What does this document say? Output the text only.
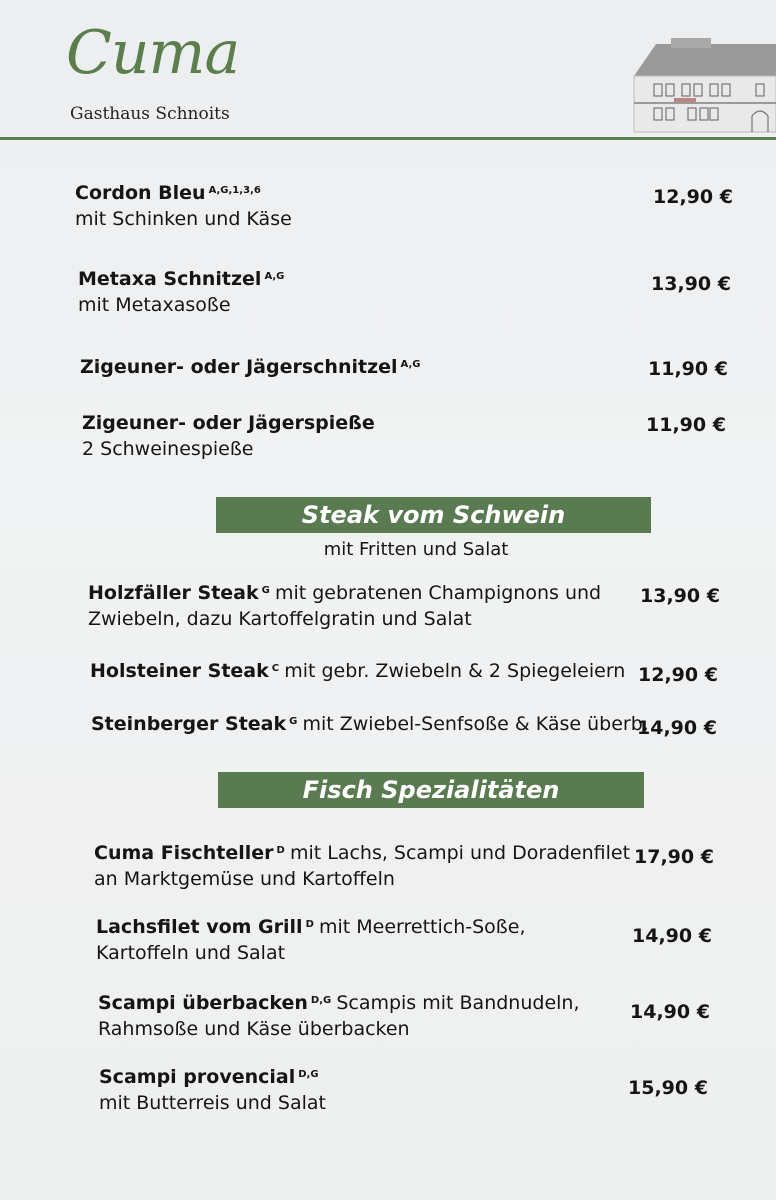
Cuma
Gasthaus Schnoits
Cordon Bleu $^{A,G,1,3,6}$
mit Schinken und Käse
12,90 €
Metaxa Schnitzel $^{A,G}$
mit Metaxasoße
13,90 €
Zigeuner- oder Jägerschnitzel $^{A,G}$	11,90 €
Zigeuner- oder Jägerspieße
2 Schweinespieße
11,90 €
Steak vom Schwein
mit Fritten und Salat
Holzfäller Steak $^G$ mit gebratenen Champignons und
Zwiebeln, dazu Kartoffelgratin und Salat
13,90 €
Holsteiner Steak $^C$ mit gebr. Zwiebeln & 2 Spiegeleiern 12,90 €
Steinberger Steak $^G$ mit Zwiebel-Senfsoße & Käse überb.
14,90 €
Fisch Spezialitäten
Cuma Fischteller $^D$ mit Lachs, Scampi und Doradenfilet
an Marktgemüse und Kartoffeln
17,90 €
Lachsfilet vom Grill $^D$ mit Meerrettich-Soße,
Kartoffeln und Salat
14,90 €
Scampi überbacken $^{D,G}$ Scampis mit Bandnudeln,
Rahmsoße und Käse überbacken
14,90 €
Scampi provencial $^{D,G}$
mit Butterreis und Salat
15,90 €
